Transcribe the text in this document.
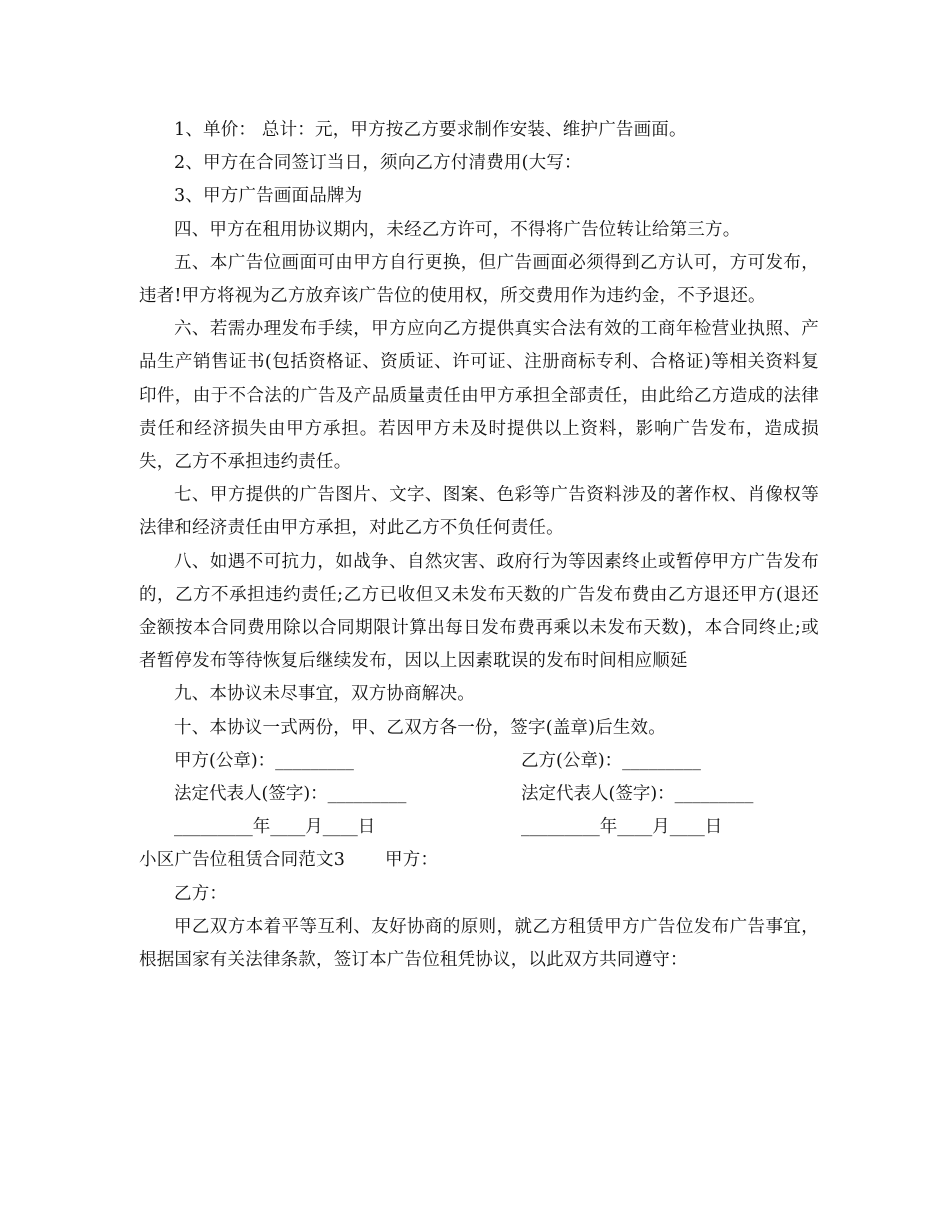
1、单价： 总计：元，甲方按乙方要求制作安装、维护广告画面。

2、甲方在合同签订当日，须向乙方付清费用(大写：

3、甲方广告画面品牌为

四、甲方在租用协议期内，未经乙方许可，不得将广告位转让给第三方。

五、本广告位画面可由甲方自行更换，但广告画面必须得到乙方认可，方可发布，违者!甲方将视为乙方放弃该广告位的使用权，所交费用作为违约金，不予退还。

六、若需办理发布手续，甲方应向乙方提供真实合法有效的工商年检营业执照、产品生产销售证书(包括资格证、资质证、许可证、注册商标专利、合格证)等相关资料复印件，由于不合法的广告及产品质量责任由甲方承担全部责任，由此给乙方造成的法律责任和经济损失由甲方承担。若因甲方未及时提供以上资料，影响广告发布，造成损失，乙方不承担违约责任。

七、甲方提供的广告图片、文字、图案、色彩等广告资料涉及的著作权、肖像权等法律和经济责任由甲方承担，对此乙方不负任何责任。

八、如遇不可抗力，如战争、自然灾害、政府行为等因素终止或暂停甲方广告发布的，乙方不承担违约责任;乙方已收但又未发布天数的广告发布费由乙方退还甲方(退还金额按本合同费用除以合同期限计算出每日发布费再乘以未发布天数)，本合同终止;或者暂停发布等待恢复后继续发布，因以上因素耽误的发布时间相应顺延

九、本协议未尽事宜，双方协商解决。

十、本协议一式两份，甲、乙双方各一份，签字(盖章)后生效。

甲方(公章)：_________	乙方(公章)：_________
法定代表人(签字)：_________	法定代表人(签字)：_________
_________年____月____日	_________年____月____日

小区广告位租赁合同范文3 甲方：

乙方：

甲乙双方本着平等互利、友好协商的原则，就乙方租赁甲方广告位发布广告事宜，根据国家有关法律条款，签订本广告位租凭协议，以此双方共同遵守：
